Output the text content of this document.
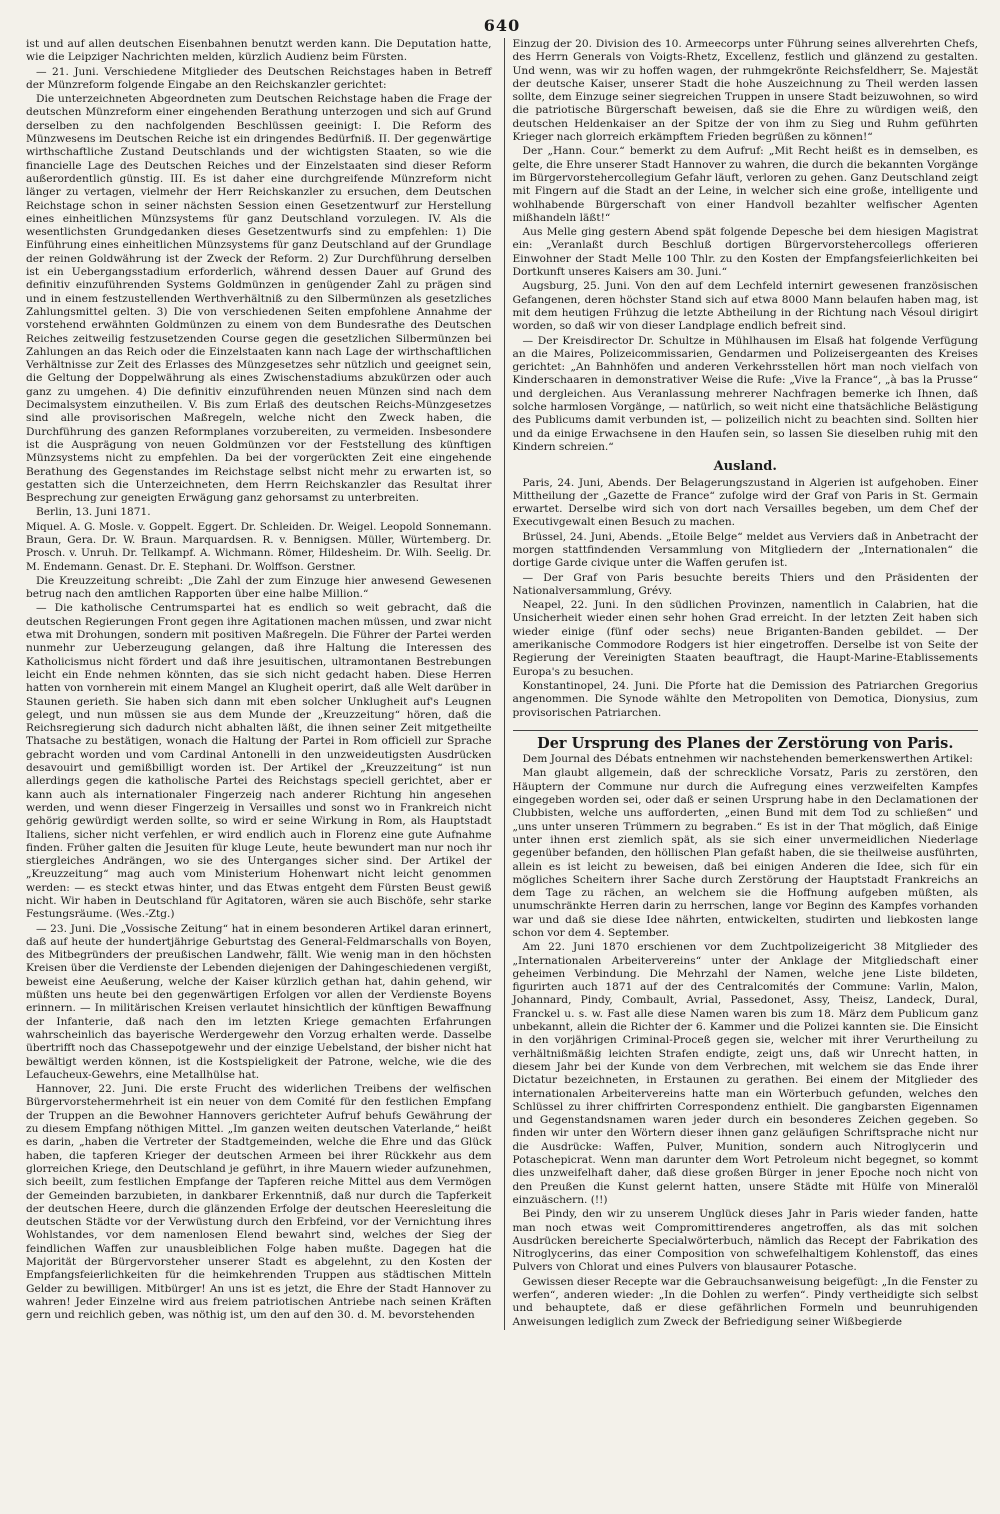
640

ist und auf allen deutschen Eisenbahnen benutzt werden kann. Die Deputation hatte, wie die Leipziger Nachrichten melden, kürzlich Audienz beim Fürsten.

— 21. Juni. Verschiedene Mitglieder des Deutschen Reichstages haben in Betreff der Münzreform folgende Eingabe an den Reichskanzler gerichtet:

Die unterzeichneten Abgeordneten zum Deutschen Reichstage haben die Frage der deutschen Münzreform einer eingehenden Berathung unterzogen und sich auf Grund derselben zu den nachfolgenden Beschlüssen geeinigt: I. Die Reform des Münzwesens im Deutschen Reiche ist ein dringendes Bedürfniß. II. Der gegenwärtige wirthschaftliche Zustand Deutschlands und der wichtigsten Staaten, so wie die financielle Lage des Deutschen Reiches und der Einzelstaaten sind dieser Reform außerordentlich günstig. III. Es ist daher eine durchgreifende Münzreform nicht länger zu vertagen, vielmehr der Herr Reichskanzler zu ersuchen, dem Deutschen Reichstage schon in seiner nächsten Session einen Gesetzentwurf zur Herstellung eines einheitlichen Münzsystems für ganz Deutschland vorzulegen. IV. Als die wesentlichsten Grundgedanken dieses Gesetzentwurfs sind zu empfehlen: 1) Die Einführung eines einheitlichen Münzsystems für ganz Deutschland auf der Grundlage der reinen Goldwährung ist der Zweck der Reform. 2) Zur Durchführung derselben ist ein Uebergangsstadium erforderlich, während dessen Dauer auf Grund des definitiv einzuführenden Systems Goldmünzen in genügender Zahl zu prägen sind und in einem festzustellenden Werthverhältniß zu den Silbermünzen als gesetzliches Zahlungsmittel gelten. 3) Die von verschiedenen Seiten empfohlene Annahme der vorstehend erwähnten Goldmünzen zu einem von dem Bundesrathe des Deutschen Reiches zeitweilig festzusetzenden Course gegen die gesetzlichen Silbermünzen bei Zahlungen an das Reich oder die Einzelstaaten kann nach Lage der wirthschaftlichen Verhältnisse zur Zeit des Erlasses des Münzgesetzes sehr nützlich und geeignet sein, die Geltung der Doppelwährung als eines Zwischenstadiums abzukürzen oder auch ganz zu umgehen. 4) Die definitiv einzuführenden neuen Münzen sind nach dem Decimalsystem einzutheilen. V. Bis zum Erlaß des deutschen Reichs-Münzgesetzes sind alle provisorischen Maßregeln, welche nicht den Zweck haben, die Durchführung des ganzen Reformplanes vorzubereiten, zu vermeiden. Insbesondere ist die Ausprägung von neuen Goldmünzen vor der Feststellung des künftigen Münzsystems nicht zu empfehlen. Da bei der vorgerückten Zeit eine eingehende Berathung des Gegenstandes im Reichstage selbst nicht mehr zu erwarten ist, so gestatten sich die Unterzeichneten, dem Herrn Reichskanzler das Resultat ihrer Besprechung zur geneigten Erwägung ganz gehorsamst zu unterbreiten.

Berlin, 13. Juni 1871.

Miquel. A. G. Mosle. v. Goppelt. Eggert. Dr. Schleiden. Dr. Weigel. Leopold Sonnemann. Braun, Gera. Dr. W. Braun. Marquardsen. R. v. Bennigsen. Müller, Würtemberg. Dr. Prosch. v. Unruh. Dr. Tellkampf. A. Wichmann. Römer, Hildesheim. Dr. Wilh. Seelig. Dr. M. Endemann. Genast. Dr. E. Stephani. Dr. Wolffson. Gerstner.

Die Kreuzzeitung schreibt: „Die Zahl der zum Einzuge hier anwesend Gewesenen betrug nach den amtlichen Rapporten über eine halbe Million.“

— Die katholische Centrumspartei hat es endlich so weit gebracht, daß die deutschen Regierungen Front gegen ihre Agitationen machen müssen, und zwar nicht etwa mit Drohungen, sondern mit positiven Maßregeln. Die Führer der Partei werden nunmehr zur Ueberzeugung gelangen, daß ihre Haltung die Interessen des Katholicismus nicht fördert und daß ihre jesuitischen, ultramontanen Bestrebungen leicht ein Ende nehmen könnten, das sie sich nicht gedacht haben. Diese Herren hatten von vornherein mit einem Mangel an Klugheit operirt, daß alle Welt darüber in Staunen gerieth. Sie haben sich dann mit eben solcher Unklugheit auf's Leugnen gelegt, und nun müssen sie aus dem Munde der „Kreuzzeitung“ hören, daß die Reichsregierung sich dadurch nicht abhalten läßt, die ihnen seiner Zeit mitgetheilte Thatsache zu bestätigen, wonach die Haltung der Partei in Rom officiell zur Sprache gebracht worden und vom Cardinal Antonelli in den unzweideutigsten Ausdrücken desavouirt und gemißbilligt worden ist. Der Artikel der „Kreuzzeitung“ ist nun allerdings gegen die katholische Partei des Reichstags speciell gerichtet, aber er kann auch als internationaler Fingerzeig nach anderer Richtung hin angesehen werden, und wenn dieser Fingerzeig in Versailles und sonst wo in Frankreich nicht gehörig gewürdigt werden sollte, so wird er seine Wirkung in Rom, als Hauptstadt Italiens, sicher nicht verfehlen, er wird endlich auch in Florenz eine gute Aufnahme finden. Früher galten die Jesuiten für kluge Leute, heute bewundert man nur noch ihr stiergleiches Andrängen, wo sie des Unterganges sicher sind. Der Artikel der „Kreuzzeitung“ mag auch vom Ministerium Hohenwart nicht leicht genommen werden: — es steckt etwas hinter, und das Etwas entgeht dem Fürsten Beust gewiß nicht. Wir haben in Deutschland für Agitatoren, wären sie auch Bischöfe, sehr starke Festungsräume. (Wes.-Ztg.)

— 23. Juni. Die „Vossische Zeitung“ hat in einem besonderen Artikel daran erinnert, daß auf heute der hundertjährige Geburtstag des General-Feldmarschalls von Boyen, des Mitbegründers der preußischen Landwehr, fällt. Wie wenig man in den höchsten Kreisen über die Verdienste der Lebenden diejenigen der Dahingeschiedenen vergißt, beweist eine Aeußerung, welche der Kaiser kürzlich gethan hat, dahin gehend, wir müßten uns heute bei den gegenwärtigen Erfolgen vor allen der Verdienste Boyens erinnern. — In militärischen Kreisen verlautet hinsichtlich der künftigen Bewaffnung der Infanterie, daß nach den im letzten Kriege gemachten Erfahrungen wahrscheinlich das bayerische Werdergewehr den Vorzug erhalten werde. Dasselbe übertrifft noch das Chassepotgewehr und der einzige Uebelstand, der bisher nicht hat bewältigt werden können, ist die Kostspieligkeit der Patrone, welche, wie die des Lefaucheux-Gewehrs, eine Metallhülse hat.

Hannover, 22. Juni. Die erste Frucht des widerlichen Treibens der welfischen Bürgervorstehermehrheit ist ein neuer von dem Comité für den festlichen Empfang der Truppen an die Bewohner Hannovers gerichteter Aufruf behufs Gewährung der zu diesem Empfang nöthigen Mittel. „Im ganzen weiten deutschen Vaterlande,“ heißt es darin, „haben die Vertreter der Stadtgemeinden, welche die Ehre und das Glück haben, die tapferen Krieger der deutschen Armeen bei ihrer Rückkehr aus dem glorreichen Kriege, den Deutschland je geführt, in ihre Mauern wieder aufzunehmen, sich beeilt, zum festlichen Empfange der Tapferen reiche Mittel aus dem Vermögen der Gemeinden barzubieten, in dankbarer Erkenntniß, daß nur durch die Tapferkeit der deutschen Heere, durch die glänzenden Erfolge der deutschen Heeresleitung die deutschen Städte vor der Verwüstung durch den Erbfeind, vor der Vernichtung ihres Wohlstandes, vor dem namenlosen Elend bewahrt sind, welches der Sieg der feindlichen Waffen zur unausbleiblichen Folge haben mußte. Dagegen hat die Majorität der Bürgervorsteher unserer Stadt es abgelehnt, zu den Kosten der Empfangsfeierlichkeiten für die heimkehrenden Truppen aus städtischen Mitteln Gelder zu bewilligen. Mitbürger! An uns ist es jetzt, die Ehre der Stadt Hannover zu wahren! Jeder Einzelne wird aus freiem patriotischen Antriebe nach seinen Kräften gern und reichlich geben, was nöthig ist, um den auf den 30. d. M. bevorstehenden

Einzug der 20. Division des 10. Armeecorps unter Führung seines allverehrten Chefs, des Herrn Generals von Voigts-Rhetz, Excellenz, festlich und glänzend zu gestalten. Und wenn, was wir zu hoffen wagen, der ruhmgekrönte Reichsfeldherr, Se. Majestät der deutsche Kaiser, unserer Stadt die hohe Auszeichnung zu Theil werden lassen sollte, dem Einzuge seiner siegreichen Truppen in unsere Stadt beizuwohnen, so wird die patriotische Bürgerschaft beweisen, daß sie die Ehre zu würdigen weiß, den deutschen Heldenkaiser an der Spitze der von ihm zu Sieg und Ruhm geführten Krieger nach glorreich erkämpftem Frieden begrüßen zu können!“

Der „Hann. Cour.“ bemerkt zu dem Aufruf: „Mit Recht heißt es in demselben, es gelte, die Ehre unserer Stadt Hannover zu wahren, die durch die bekannten Vorgänge im Bürgervorstehercollegium Gefahr läuft, verloren zu gehen. Ganz Deutschland zeigt mit Fingern auf die Stadt an der Leine, in welcher sich eine große, intelligente und wohlhabende Bürgerschaft von einer Handvoll bezahlter welfischer Agenten mißhandeln läßt!“

Aus Melle ging gestern Abend spät folgende Depesche bei dem hiesigen Magistrat ein: „Veranlaßt durch Beschluß dortigen Bürgervorstehercollegs offerieren Einwohner der Stadt Melle 100 Thlr. zu den Kosten der Empfangsfeierlichkeiten bei Dortkunft unseres Kaisers am 30. Juni.“

Augsburg, 25. Juni. Von den auf dem Lechfeld internirt gewesenen französischen Gefangenen, deren höchster Stand sich auf etwa 8000 Mann belaufen haben mag, ist mit dem heutigen Frühzug die letzte Abtheilung in der Richtung nach Vésoul dirigirt worden, so daß wir von dieser Landplage endlich befreit sind.

— Der Kreisdirector Dr. Schultze in Mühlhausen im Elsaß hat folgende Verfügung an die Maires, Polizeicommissarien, Gendarmen und Polizeisergeanten des Kreises gerichtet: „An Bahnhöfen und anderen Verkehrsstellen hört man noch vielfach von Kinderschaaren in demonstrativer Weise die Rufe: „Vive la France“, „à bas la Prusse“ und dergleichen. Aus Veranlassung mehrerer Nachfragen bemerke ich Ihnen, daß solche harmlosen Vorgänge, — natürlich, so weit nicht eine thatsächliche Belästigung des Publicums damit verbunden ist, — polizeilich nicht zu beachten sind. Sollten hier und da einige Erwachsene in den Haufen sein, so lassen Sie dieselben ruhig mit den Kindern schreien.“

Ausland.

Paris, 24. Juni, Abends. Der Belagerungszustand in Algerien ist aufgehoben. Einer Mittheilung der „Gazette de France“ zufolge wird der Graf von Paris in St. Germain erwartet. Derselbe wird sich von dort nach Versailles begeben, um dem Chef der Executivgewalt einen Besuch zu machen.

Brüssel, 24. Juni, Abends. „Etoile Belge“ meldet aus Verviers daß in Anbetracht der morgen stattfindenden Versammlung von Mitgliedern der „Internationalen“ die dortige Garde civique unter die Waffen gerufen ist.

— Der Graf von Paris besuchte bereits Thiers und den Präsidenten der Nationalversammlung, Grévy.

Neapel, 22. Juni. In den südlichen Provinzen, namentlich in Calabrien, hat die Unsicherheit wieder einen sehr hohen Grad erreicht. In der letzten Zeit haben sich wieder einige (fünf oder sechs) neue Briganten-Banden gebildet. — Der amerikanische Commodore Rodgers ist hier eingetroffen. Derselbe ist von Seite der Regierung der Vereinigten Staaten beauftragt, die Haupt-Marine-Etablissements Europa's zu besuchen.

Konstantinopel, 24. Juni. Die Pforte hat die Demission des Patriarchen Gregorius angenommen. Die Synode wählte den Metropoliten von Demotica, Dionysius, zum provisorischen Patriarchen.

Der Ursprung des Planes der Zerstörung von Paris.

Dem Journal des Débats entnehmen wir nachstehenden bemerkenswerthen Artikel:

Man glaubt allgemein, daß der schreckliche Vorsatz, Paris zu zerstören, den Häuptern der Commune nur durch die Aufregung eines verzweifelten Kampfes eingegeben worden sei, oder daß er seinen Ursprung habe in den Declamationen der Clubbisten, welche uns aufforderten, „einen Bund mit dem Tod zu schließen“ und „uns unter unseren Trümmern zu begraben.“ Es ist in der That möglich, daß Einige unter ihnen erst ziemlich spät, als sie sich einer unvermeidlichen Niederlage gegenüber befanden, den höllischen Plan gefaßt haben, die sie theilweise ausführten, allein es ist leicht zu beweisen, daß bei einigen Anderen die Idee, sich für ein mögliches Scheitern ihrer Sache durch Zerstörung der Hauptstadt Frankreichs an dem Tage zu rächen, an welchem sie die Hoffnung aufgeben müßten, als unumschränkte Herren darin zu herrschen, lange vor Beginn des Kampfes vorhanden war und daß sie diese Idee nährten, entwickelten, studirten und liebkosten lange schon vor dem 4. September.

Am 22. Juni 1870 erschienen vor dem Zuchtpolizeigericht 38 Mitglieder des „Internationalen Arbeitervereins“ unter der Anklage der Mitgliedschaft einer geheimen Verbindung. Die Mehrzahl der Namen, welche jene Liste bildeten, figurirten auch 1871 auf der des Centralcomités der Commune: Varlin, Malon, Johannard, Pindy, Combault, Avrial, Passedonet, Assy, Theisz, Landeck, Dural, Franckel u. s. w. Fast alle diese Namen waren bis zum 18. März dem Publicum ganz unbekannt, allein die Richter der 6. Kammer und die Polizei kannten sie. Die Einsicht in den vorjährigen Criminal-Proceß gegen sie, welcher mit ihrer Verurtheilung zu verhältnißmäßig leichten Strafen endigte, zeigt uns, daß wir Unrecht hatten, in diesem Jahr bei der Kunde von dem Verbrechen, mit welchem sie das Ende ihrer Dictatur bezeichneten, in Erstaunen zu gerathen. Bei einem der Mitglieder des internationalen Arbeitervereins hatte man ein Wörterbuch gefunden, welches den Schlüssel zu ihrer chiffrirten Correspondenz enthielt. Die gangbarsten Eigennamen und Gegenstandsnamen waren jeder durch ein besonderes Zeichen gegeben. So finden wir unter den Wörtern dieser ihnen ganz geläufigen Schriftsprache nicht nur die Ausdrücke: Waffen, Pulver, Munition, sondern auch Nitroglycerin und Potaschepicrat. Wenn man darunter dem Wort Petroleum nicht begegnet, so kommt dies unzweifelhaft daher, daß diese großen Bürger in jener Epoche noch nicht von den Preußen die Kunst gelernt hatten, unsere Städte mit Hülfe von Mineralöl einzuäschern. (!!)

Bei Pindy, den wir zu unserem Unglück dieses Jahr in Paris wieder fanden, hatte man noch etwas weit Compromittirenderes angetroffen, als das mit solchen Ausdrücken bereicherte Specialwörterbuch, nämlich das Recept der Fabrikation des Nitroglycerins, das einer Composition von schwefelhaltigem Kohlenstoff, das eines Pulvers von Chlorat und eines Pulvers von blausaurer Potasche.

Gewissen dieser Recepte war die Gebrauchsanweisung beigefügt: „In die Fenster zu werfen“, anderen wieder: „In die Dohlen zu werfen“. Pindy vertheidigte sich selbst und behauptete, daß er diese gefährlichen Formeln und beunruhigenden Anweisungen lediglich zum Zweck der Befriedigung seiner Wißbegierde
